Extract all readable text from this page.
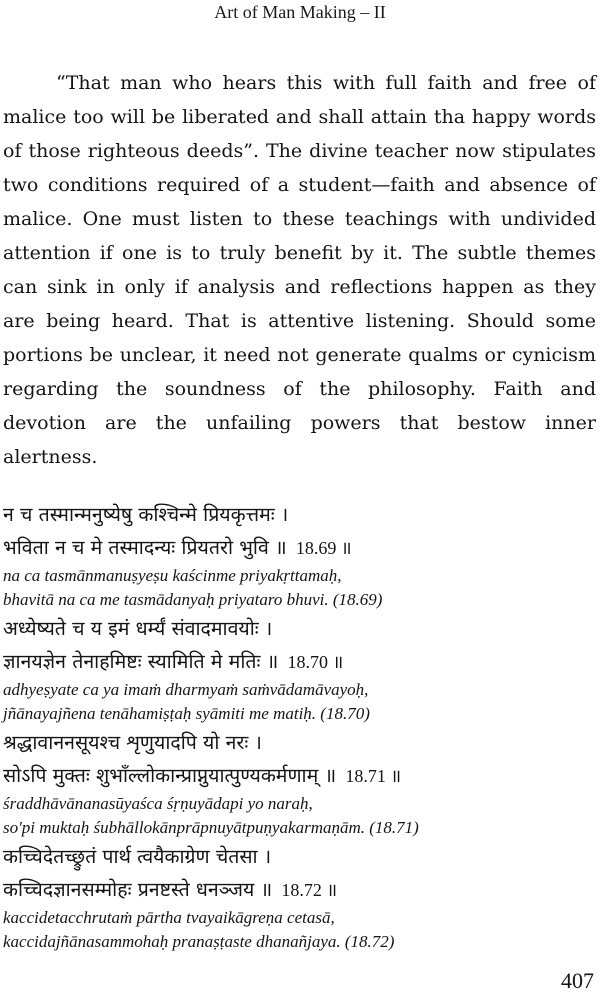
Art of Man Making – II

“That man who hears this with full faith and free of malice too will be liberated and shall attain tha happy words of those righteous deeds”. The divine teacher now stipulates two conditions required of a student—faith and absence of malice. One must listen to these teachings with undivided attention if one is to truly benefit by it. The subtle themes can sink in only if analysis and reflections happen as they are being heard. That is attentive listening. Should some portions be unclear, it need not generate qualms or cynicism regarding the soundness of the philosophy. Faith and devotion are the unfailing powers that bestow inner alertness.

न च तस्मान्मनुष्येषु कश्चिन्मे प्रियकृत्तमः ।
भविता न च मे तस्मादन्यः प्रियतरो भुवि ॥ 18.69 ॥
na ca tasmānmanuṣyeṣu kaścinme priyakṛttamaḥ,
bhavitā na ca me tasmādanyaḥ priyataro bhuvi. (18.69)
अध्येष्यते च य इमं धर्म्यं संवादमावयोः ।
ज्ञानयज्ञेन तेनाहमिष्टः स्यामिति मे मतिः ॥ 18.70 ॥
adhyeṣyate ca ya imaṁ dharmyaṁ saṁvādamāvayoḥ,
jñānayajñena tenāhamiṣṭaḥ syāmiti me matiḥ. (18.70)
श्रद्धावाननसूयश्च शृणुयादपि यो नरः ।
सोऽपि मुक्तः शुभाँल्लोकान्प्राप्नुयात्पुण्यकर्मणाम् ॥ 18.71 ॥
śraddhāvānanasūyaśca śṛṇuyādapi yo naraḥ,
so'pi muktaḥ śubhāllokānprāpnuyātpuṇyakarmaṇām. (18.71)
कच्चिदेतच्छ्रुतं पार्थ त्वयैकाग्रेण चेतसा ।
कच्चिदज्ञानसम्मोहः प्रनष्टस्ते धनञ्जय ॥ 18.72 ॥
kaccidetacchrutaṁ pārtha tvayaikāgreṇa cetasā,
kaccidajñānasammohaḥ pranaṣṭaste dhanañjaya. (18.72)
407
